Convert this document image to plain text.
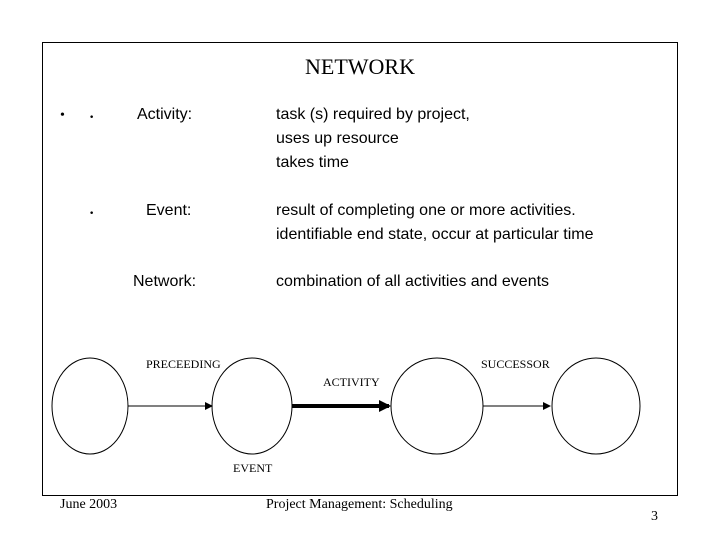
NETWORK
• ·
·
Activity:
Event:
Network:
task (s) required by project,
uses up resource
takes time
result of completing one or more activities.
identifiable end state, occur at particular time
combination of all activities and events
PRECEEDING	SUCCESSOR
ACTIVITY
EVENT
June 2003	Project Management: Scheduling
3
